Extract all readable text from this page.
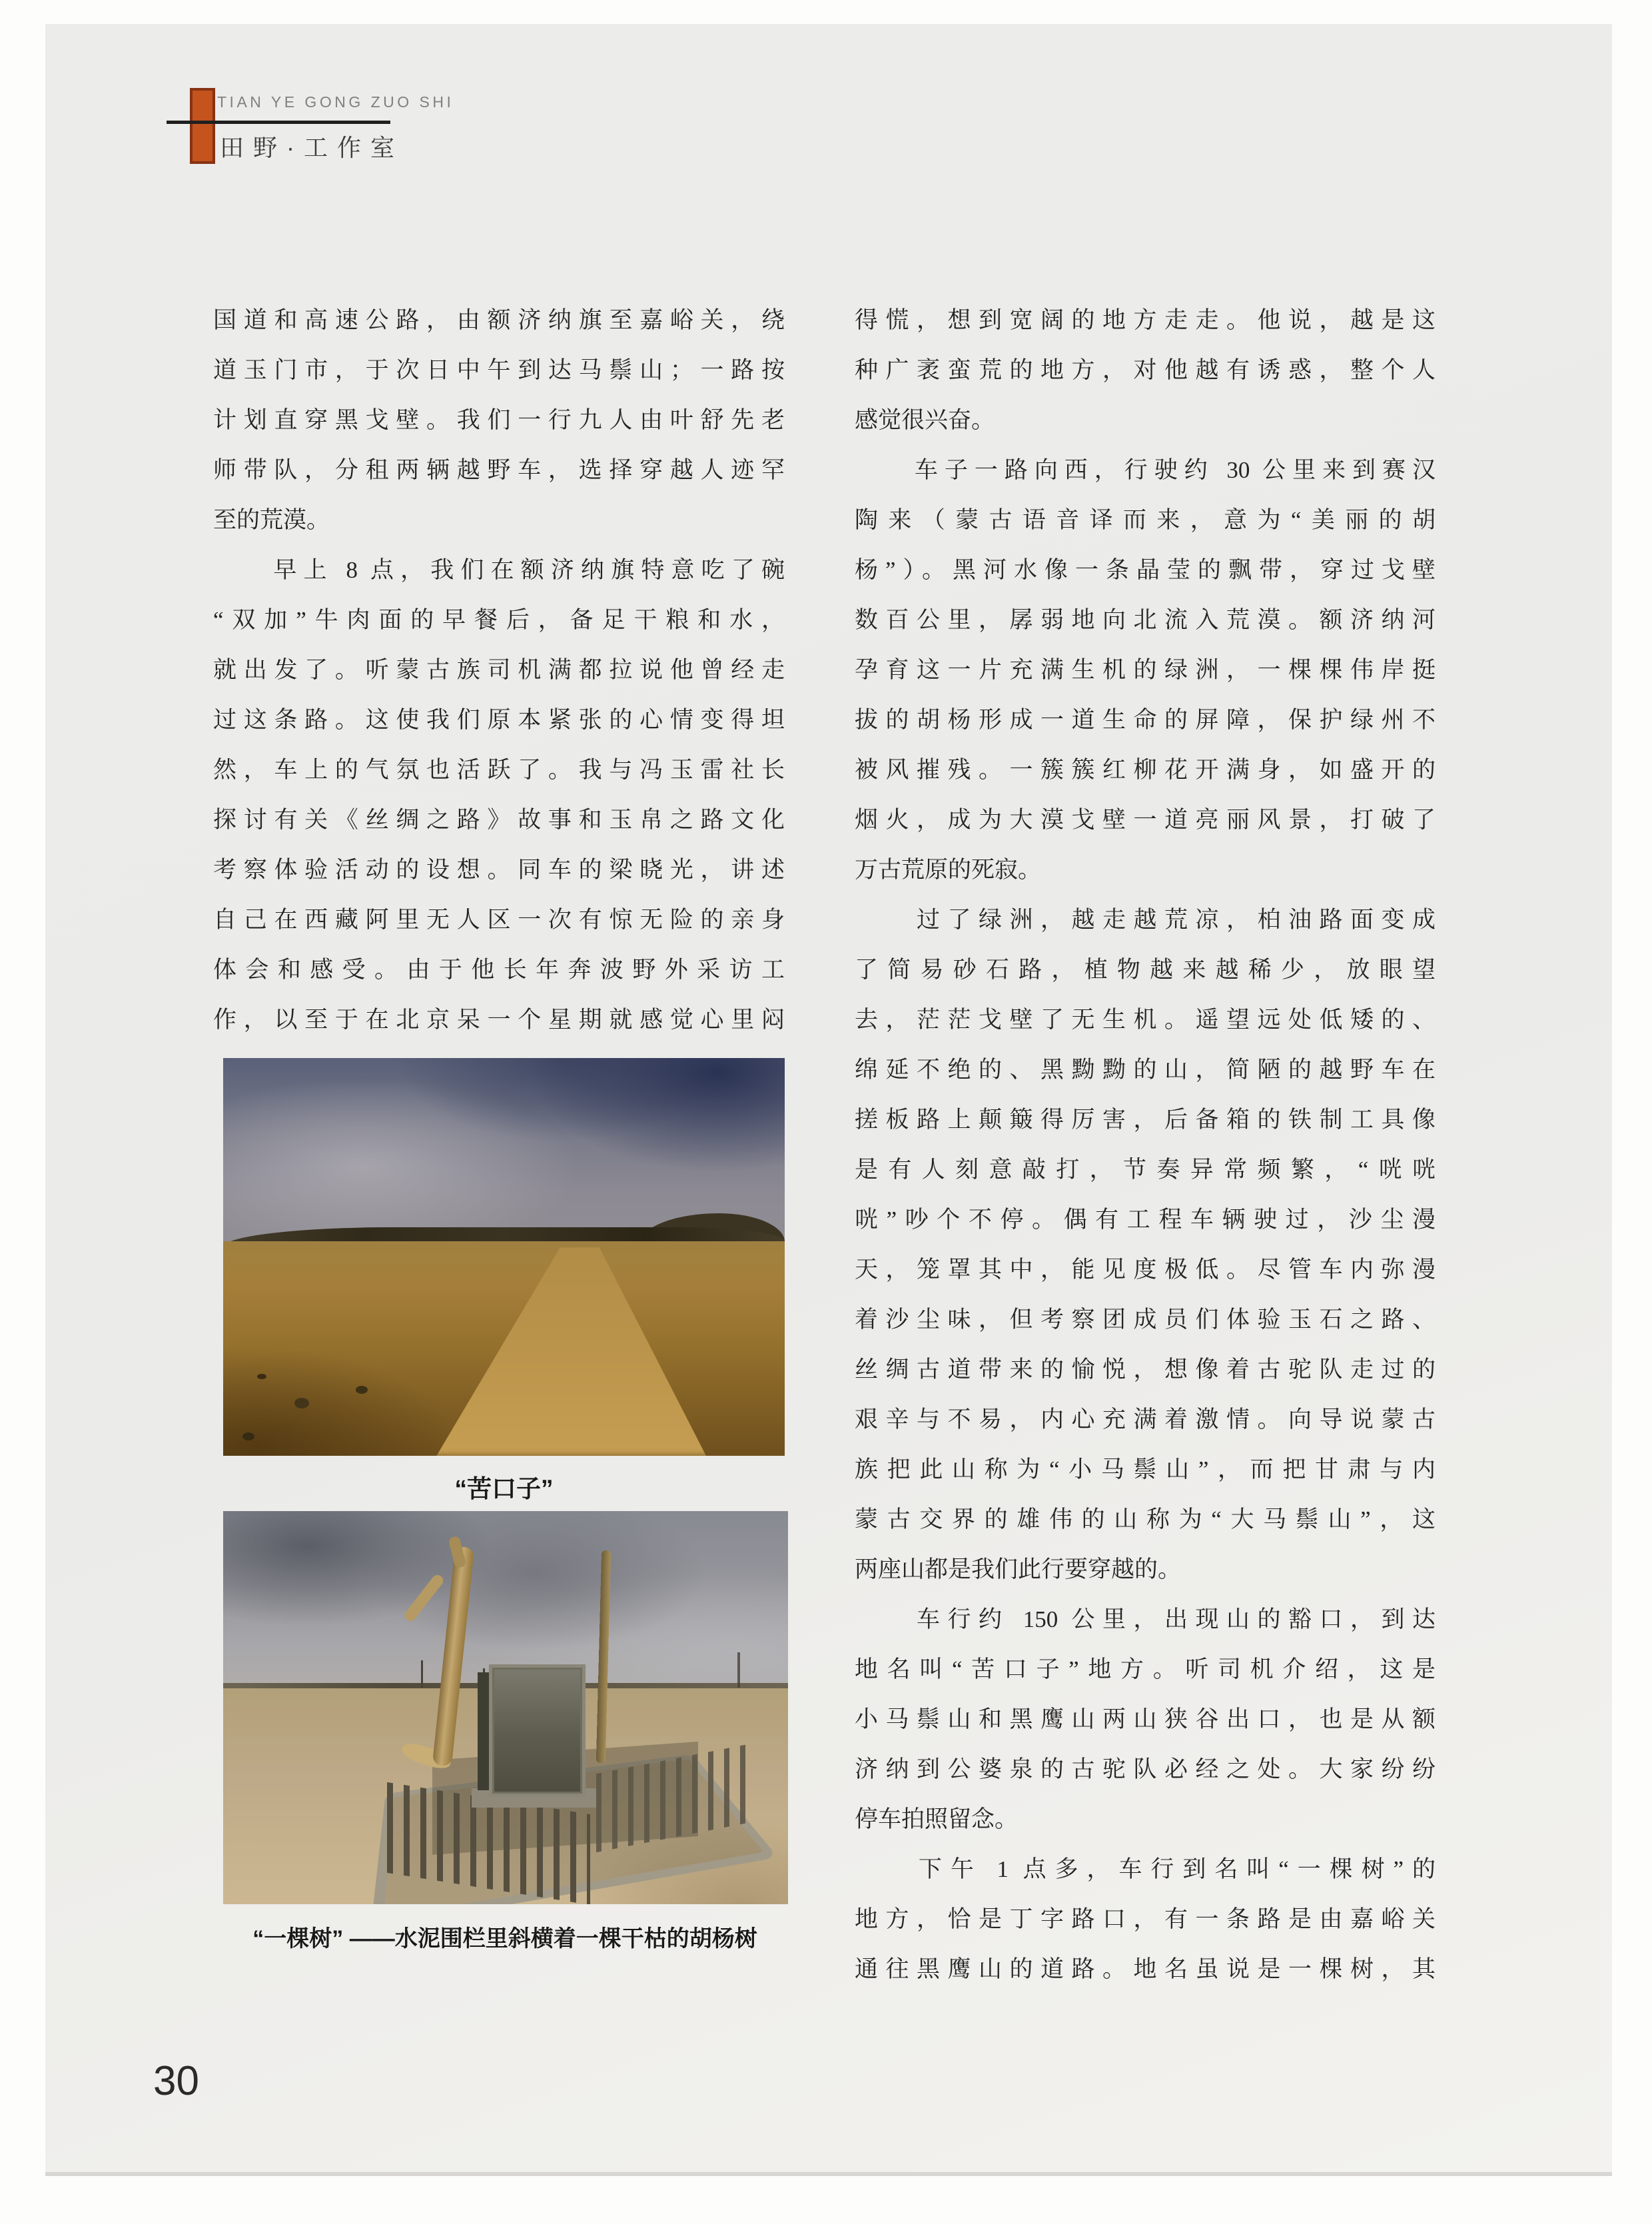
TIAN YE GONG ZUO SHI
田野·工作室
国道和高速公路，由额济纳旗至嘉峪关，绕
道玉门市，于次日中午到达马鬃山；一路按
计划直穿黑戈壁。我们一行九人由叶舒先老
师带队，分租两辆越野车，选择穿越人迹罕
至的荒漠。
　　早上 8 点，我们在额济纳旗特意吃了碗
“双加”牛肉面的早餐后，备足干粮和水，
就出发了。听蒙古族司机满都拉说他曾经走
过这条路。这使我们原本紧张的心情变得坦
然，车上的气氛也活跃了。我与冯玉雷社长
探讨有关《丝绸之路》故事和玉帛之路文化
考察体验活动的设想。同车的梁晓光，讲述
自己在西藏阿里无人区一次有惊无险的亲身
体会和感受。由于他长年奔波野外采访工
作，以至于在北京呆一个星期就感觉心里闷
“苦口子”
“一棵树” ——水泥围栏里斜横着一棵干枯的胡杨树
得慌，想到宽阔的地方走走。他说，越是这
种广袤蛮荒的地方，对他越有诱惑，整个人
感觉很兴奋。
　　车子一路向西，行驶约 30 公里来到赛汉
陶来（蒙古语音译而来，意为“美丽的胡
杨”）。黑河水像一条晶莹的飘带，穿过戈壁
数百公里，孱弱地向北流入荒漠。额济纳河
孕育这一片充满生机的绿洲，一棵棵伟岸挺
拔的胡杨形成一道生命的屏障，保护绿州不
被风摧残。一簇簇红柳花开满身，如盛开的
烟火，成为大漠戈壁一道亮丽风景，打破了
万古荒原的死寂。
　　过了绿洲，越走越荒凉，柏油路面变成
了简易砂石路，植物越来越稀少，放眼望
去，茫茫戈壁了无生机。遥望远处低矮的、
绵延不绝的、黑黝黝的山，简陋的越野车在
搓板路上颠簸得厉害，后备箱的铁制工具像
是有人刻意敲打，节奏异常频繁，“咣咣
咣”吵个不停。偶有工程车辆驶过，沙尘漫
天，笼罩其中，能见度极低。尽管车内弥漫
着沙尘味，但考察团成员们体验玉石之路、
丝绸古道带来的愉悦，想像着古驼队走过的
艰辛与不易，内心充满着激情。向导说蒙古
族把此山称为“小马鬃山”，而把甘肃与内
蒙古交界的雄伟的山称为“大马鬃山”，这
两座山都是我们此行要穿越的。
　　车行约 150 公里，出现山的豁口，到达
地名叫“苦口子”地方。听司机介绍，这是
小马鬃山和黑鹰山两山狭谷出口，也是从额
济纳到公婆泉的古驼队必经之处。大家纷纷
停车拍照留念。
　　下午 1 点多，车行到名叫“一棵树”的
地方，恰是丁字路口，有一条路是由嘉峪关
通往黑鹰山的道路。地名虽说是一棵树，其
30
